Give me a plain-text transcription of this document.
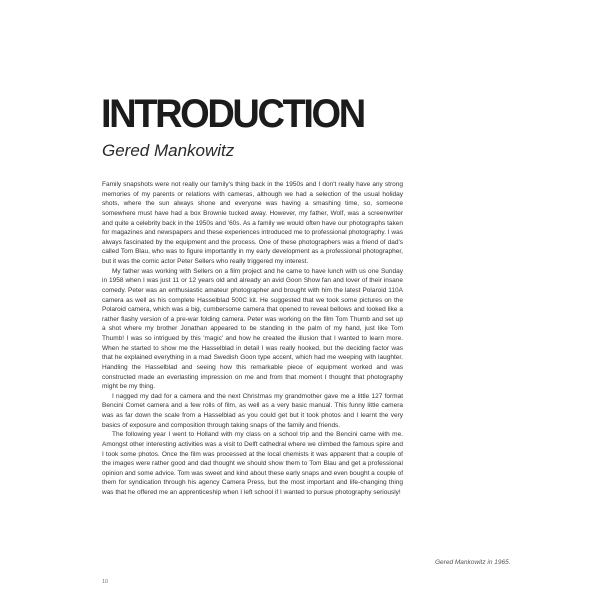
INTRODUCTION

Gered Mankowitz

Family snapshots were not really our family's thing back in the 1950s and I don't really have any strong memories of my parents or relations with cameras, although we had a selection of the usual holiday shots, where the sun always shone and everyone was having a smashing time, so, someone somewhere must have had a box Brownie tucked away. However, my father, Wolf, was a screenwriter and quite a celebrity back in the 1950s and '60s. As a family we would often have our photographs taken for magazines and newspapers and these experiences introduced me to professional photography. I was always fascinated by the equipment and the process. One of these photographers was a friend of dad's called Tom Blau, who was to figure importantly in my early development as a professional photographer, but it was the comic actor Peter Sellers who really triggered my interest.

My father was working with Sellers on a film project and he came to have lunch with us one Sunday in 1958 when I was just 11 or 12 years old and already an avid Goon Show fan and lover of their insane comedy. Peter was an enthusiastic amateur photographer and brought with him the latest Polaroid 110A camera as well as his complete Hasselblad 500C kit. He suggested that we took some pictures on the Polaroid camera, which was a big, cumbersome camera that opened to reveal bellows and looked like a rather flashy version of a pre-war folding camera. Peter was working on the film Tom Thumb and set up a shot where my brother Jonathan appeared to be standing in the palm of my hand, just like Tom Thumb! I was so intrigued by this 'magic' and how he created the illusion that I wanted to learn more. When he started to show me the Hasselblad in detail I was really hooked, but the deciding factor was that he explained everything in a mad Swedish Goon type accent, which had me weeping with laughter. Handling the Hasselblad and seeing how this remarkable piece of equipment worked and was constructed made an everlasting impression on me and from that moment I thought that photography might be my thing.

I nagged my dad for a camera and the next Christmas my grandmother gave me a little 127 format Bencini Comet camera and a few rolls of film, as well as a very basic manual. This funny little camera was as far down the scale from a Hasselblad as you could get but it took photos and I learnt the very basics of exposure and composition through taking snaps of the family and friends.

The following year I went to Holland with my class on a school trip and the Bencini came with me. Amongst other interesting activities was a visit to Delft cathedral where we climbed the famous spire and I took some photos. Once the film was processed at the local chemists it was apparent that a couple of the images were rather good and dad thought we should show them to Tom Blau and get a professional opinion and some advice. Tom was sweet and kind about these early snaps and even bought a couple of them for syndication through his agency Camera Press, but the most important and life-changing thing was that he offered me an apprenticeship when I left school if I wanted to pursue photography seriously!

Gered Mankowitz in 1965.

10
